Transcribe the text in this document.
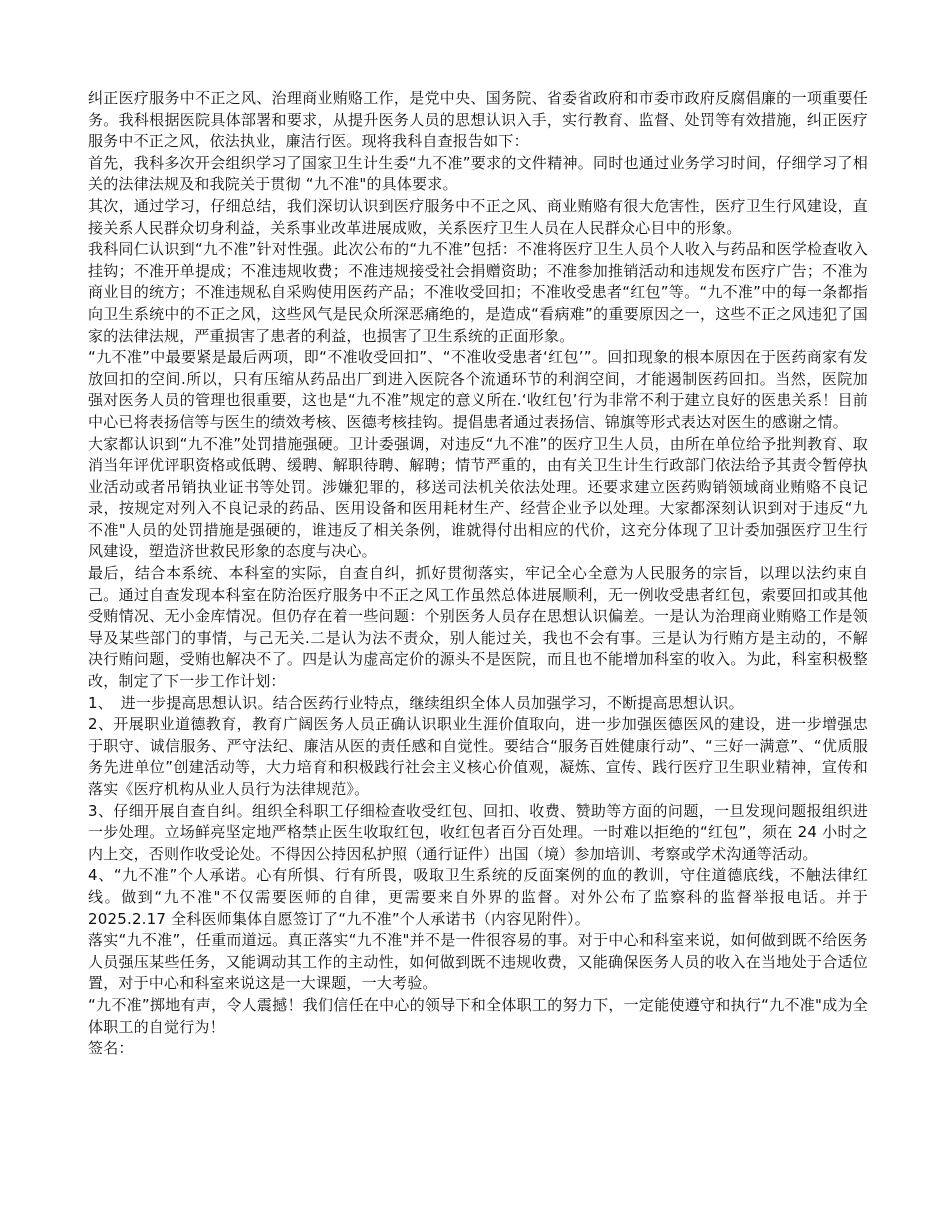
纠正医疗服务中不正之风、治理商业贿赂工作，是党中央、国务院、省委省政府和市委市政府反腐倡廉的一项重要任务。我科根据医院具体部署和要求，从提升医务人员的思想认识入手，实行教育、监督、处罚等有效措施，纠正医疗服务中不正之风，依法执业，廉洁行医。现将我科自查报告如下：

首先，我科多次开会组织学习了国家卫生计生委“九不准”要求的文件精神。同时也通过业务学习时间，仔细学习了相关的法律法规及和我院关于贯彻 “九不准"的具体要求。

其次，通过学习，仔细总结，我们深切认识到医疗服务中不正之风、商业贿赂有很大危害性，医疗卫生行风建设，直接关系人民群众切身利益，关系事业改革进展成败，关系医疗卫生人员在人民群众心目中的形象。

我科同仁认识到“九不准”针对性强。此次公布的“九不准”包括：不准将医疗卫生人员个人收入与药品和医学检查收入挂钩；不准开单提成；不准违规收费；不准违规接受社会捐赠资助；不准参加推销活动和违规发布医疗广告；不准为商业目的统方；不准违规私自采购使用医药产品；不准收受回扣；不准收受患者“红包”等。“九不准”中的每一条都指向卫生系统中的不正之风，这些风气是民众所深恶痛绝的，是造成“看病难”的重要原因之一，这些不正之风违犯了国家的法律法规，严重损害了患者的利益，也损害了卫生系统的正面形象。

“九不准”中最要紧是最后两项，即“不准收受回扣”、“不准收受患者‘红包’”。回扣现象的根本原因在于医药商家有发放回扣的空间.所以，只有压缩从药品出厂到进入医院各个流通环节的利润空间，才能遏制医药回扣。当然，医院加强对医务人员的管理也很重要，这也是“九不准”规定的意义所在.‘收红包’行为非常不利于建立良好的医患关系！目前中心已将表扬信等与医生的绩效考核、医德考核挂钩。提倡患者通过表扬信、锦旗等形式表达对医生的感谢之情。

大家都认识到“九不准”处罚措施强硬。卫计委强调，对违反“九不准”的医疗卫生人员，由所在单位给予批判教育、取消当年评优评职资格或低聘、缓聘、解职待聘、解聘；情节严重的，由有关卫生计生行政部门依法给予其责令暂停执业活动或者吊销执业证书等处罚。涉嫌犯罪的，移送司法机关依法处理。还要求建立医药购销领域商业贿赂不良记录，按规定对列入不良记录的药品、医用设备和医用耗材生产、经营企业予以处理。大家都深刻认识到对于违反“九不准"人员的处罚措施是强硬的，谁违反了相关条例，谁就得付出相应的代价，这充分体现了卫计委加强医疗卫生行风建设，塑造济世救民形象的态度与决心。

最后，结合本系统、本科室的实际，自查自纠，抓好贯彻落实，牢记全心全意为人民服务的宗旨，以理以法约束自己。通过自查发现本科室在防治医疗服务中不正之风工作虽然总体进展顺利，无一例收受患者红包，索要回扣或其他受贿情况、无小金库情况。但仍存在着一些问题：个别医务人员存在思想认识偏差。一是认为治理商业贿赂工作是领导及某些部门的事情，与己无关.二是认为法不责众，别人能过关，我也不会有事。三是认为行贿方是主动的，不解决行贿问题，受贿也解决不了。四是认为虚高定价的源头不是医院，而且也不能增加科室的收入。为此，科室积极整改，制定了下一步工作计划：

1、　进一步提高思想认识。结合医药行业特点，继续组织全体人员加强学习，不断提高思想认识。

2、开展职业道德教育，教育广阔医务人员正确认识职业生涯价值取向，进一步加强医德医风的建设，进一步增强忠于职守、诚信服务、严守法纪、廉洁从医的责任感和自觉性。要结合“服务百姓健康行动”、“三好一满意”、“优质服务先进单位”创建活动等，大力培育和积极践行社会主义核心价值观，凝炼、宣传、践行医疗卫生职业精神，宣传和落实《医疗机构从业人员行为法律规范》。

3、仔细开展自查自纠。组织全科职工仔细检查收受红包、回扣、收费、赞助等方面的问题，一旦发现问题报组织进一步处理。立场鲜亮坚定地严格禁止医生收取红包，收红包者百分百处理。一时难以拒绝的“红包”，须在 24 小时之内上交，否则作收受论处。不得因公持因私护照（通行证件）出国（境）参加培训、考察或学术沟通等活动。

4、“九不准”个人承诺。心有所惧、行有所畏，吸取卫生系统的反面案例的血的教训，守住道德底线，不触法律红线。做到“九不准"不仅需要医师的自律，更需要来自外界的监督。对外公布了监察科的监督举报电话。并于 2025.2.17 全科医师集体自愿签订了“九不准”个人承诺书（内容见附件）。

落实“九不准”，任重而道远。真正落实“九不准"并不是一件很容易的事。对于中心和科室来说，如何做到既不给医务人员强压某些任务，又能调动其工作的主动性，如何做到既不违规收费，又能确保医务人员的收入在当地处于合适位置，对于中心和科室来说这是一大课题，一大考验。

“九不准”掷地有声，令人震撼！我们信任在中心的领导下和全体职工的努力下，一定能使遵守和执行“九不准"成为全体职工的自觉行为！

签名：
